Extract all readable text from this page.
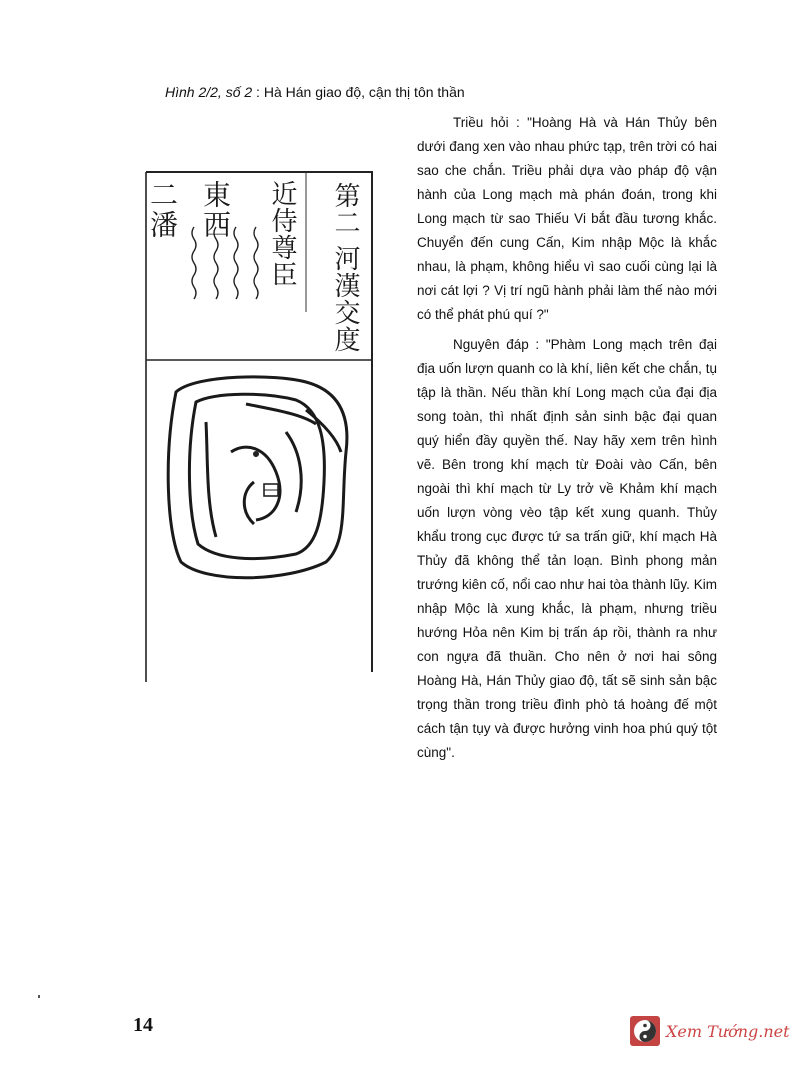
Hình 2/2, số 2 : Hà Hán giao độ, cận thị tôn thần
第二 河漢交度
近侍尊臣
東西
二潘

Triều hỏi : "Hoàng Hà và Hán Thủy bên dưới đang xen vào nhau phức tạp, trên trời có hai sao che chắn. Triều phải dựa vào pháp độ vận hành của Long mạch mà phán đoán, trong khi Long mạch từ sao Thiếu Vi bắt đầu tương khắc. Chuyển đến cung Cấn, Kim nhập Mộc là khắc nhau, là phạm, không hiểu vì sao cuối cùng lại là nơi cát lợi ? Vị trí ngũ hành phải làm thế nào mới có thể phát phú quí ?"

Nguyên đáp : "Phàm Long mạch trên đại địa uốn lượn quanh co là khí, liên kết che chắn, tụ tập là thần. Nếu thần khí Long mạch của đại địa song toàn, thì nhất định sản sinh bậc đại quan quý hiển đầy quyền thế. Nay hãy xem trên hình vẽ. Bên trong khí mạch từ Đoài vào Cấn, bên ngoài thì khí mạch từ Ly trở về Khảm khí mạch uốn lượn vòng vèo tập kết xung quanh. Thủy khẩu trong cục được tứ sa trấn giữ, khí mạch Hà Thủy đã không thể tản loạn. Bình phong mản trướng kiên cố, nổi cao như hai tòa thành lũy. Kim nhập Mộc là xung khắc, là phạm, nhưng triều hướng Hỏa nên Kim bị trấn áp rồi, thành ra như con ngựa đã thuần. Cho nên ở nơi hai sông Hoàng Hà, Hán Thủy giao độ, tất sẽ sinh sản bậc trọng thần trong triều đình phò tá hoàng đế một cách tận tụy và được hưởng vinh hoa phú quý tột cùng".

14	Xem Tướng.net
